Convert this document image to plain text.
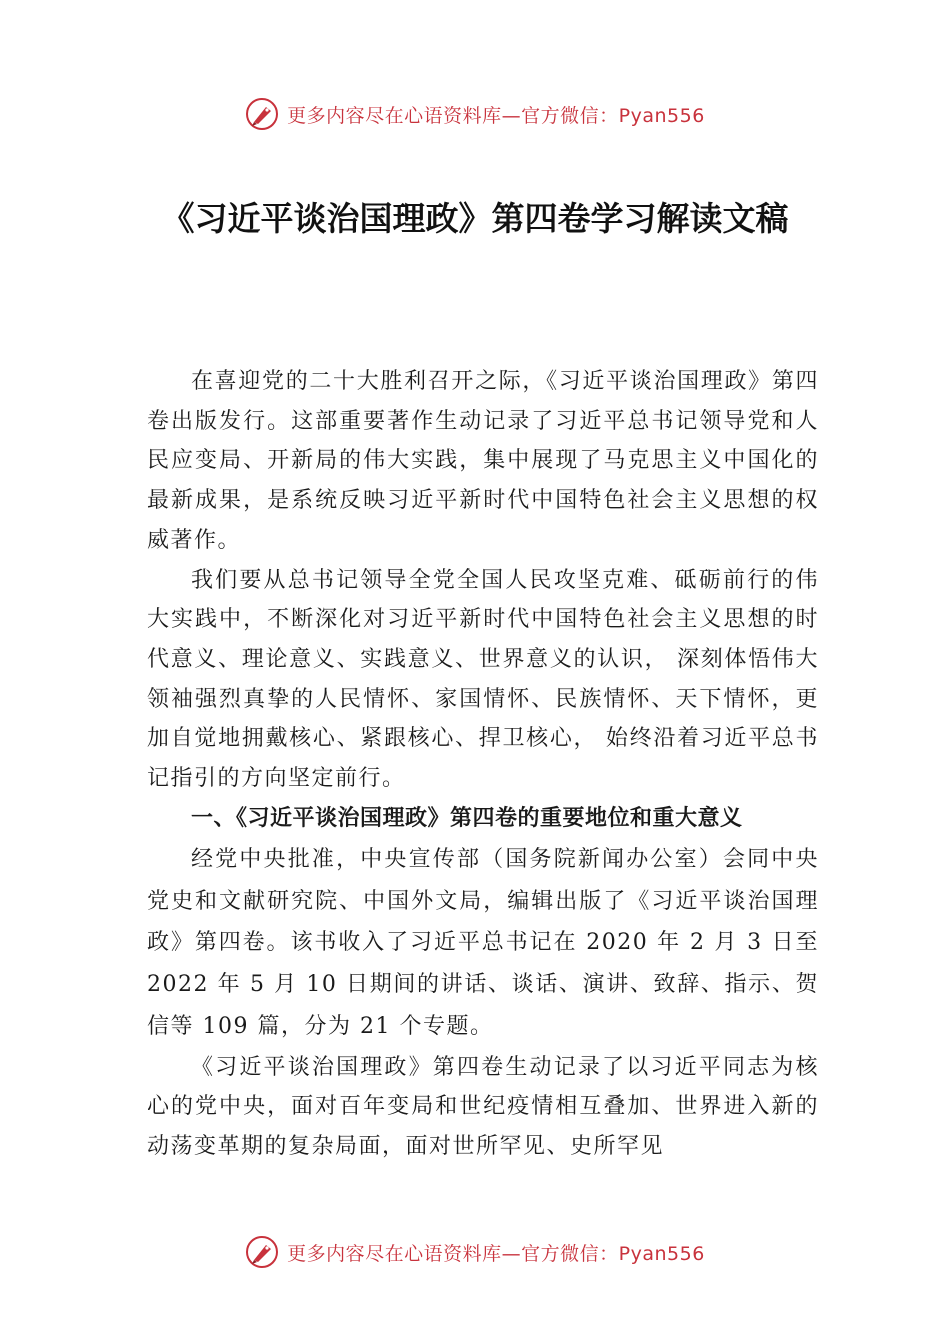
更多内容尽在心语资料库—官方微信：Pyan556
《习近平谈治国理政》第四卷学习解读文稿

在喜迎党的二十大胜利召开之际，《习近平谈治国理政》第四卷出版发行。这部重要著作生动记录了习近平总书记领导党和人民应变局、开新局的伟大实践，集中展现了马克思主义中国化的最新成果，是系统反映习近平新时代中国特色社会主义思想的权威著作。

我们要从总书记领导全党全国人民攻坚克难、砥砺前行的伟大实践中，不断深化对习近平新时代中国特色社会主义思想的时代意义、理论意义、实践意义、世界意义的认识， 深刻体悟伟大领袖强烈真挚的人民情怀、家国情怀、民族情怀、天下情怀，更加自觉地拥戴核心、紧跟核心、捍卫核心， 始终沿着习近平总书记指引的方向坚定前行。

一、《习近平谈治国理政》第四卷的重要地位和重大意义

经党中央批准，中央宣传部（国务院新闻办公室）会同中央党史和文献研究院、中国外文局，编辑出版了《习近平谈治国理政》第四卷。该书收入了习近平总书记在 2020 年 2 月 3 日至 2022 年 5 月 10 日期间的讲话、谈话、演讲、致辞、指示、贺信等 109 篇，分为 21 个专题。

《习近平谈治国理政》第四卷生动记录了以习近平同志为核心的党中央，面对百年变局和世纪疫情相互叠加、世界进入新的动荡变革期的复杂局面，面对世所罕见、史所罕见

更多内容尽在心语资料库—官方微信：Pyan556
